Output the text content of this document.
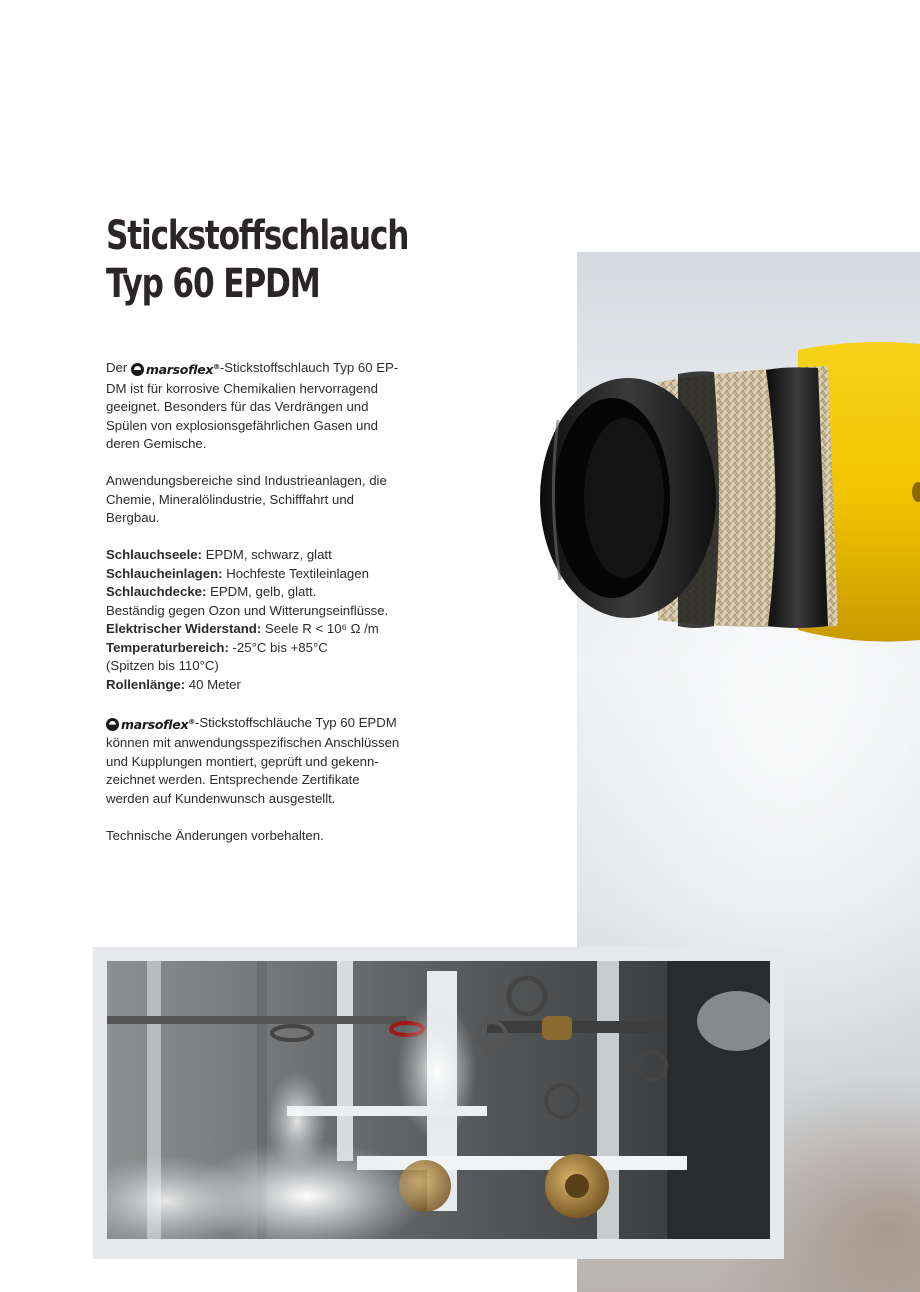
Stickstoffschlauch
Typ 60 EPDM

Der marsoflex®-Stickstoffschlauch Typ 60 EP- DM ist für korrosive Chemikalien hervorragend geeignet. Besonders für das Verdrängen und Spülen von explosionsgefährlichen Gasen und deren Gemische.

Anwendungsbereiche sind Industrieanlagen, die Chemie, Mineralölindustrie, Schifffahrt und Bergbau.

Schlauchseele: EPDM, schwarz, glatt
Schlaucheinlagen: Hochfeste Textileinlagen
Schlauchdecke: EPDM, gelb, glatt.
Beständig gegen Ozon und Witterungseinflüsse.
Elektrischer Widerstand: Seele R < 10⁶ Ω /m
Temperaturbereich: -25°C bis +85°C
(Spitzen bis 110°C)
Rollenlänge: 40 Meter

marsoflex®-Stickstoffschläuche Typ 60 EPDM können mit anwendungsspezifischen Anschlüssen und Kupplungen montiert, geprüft und gekenn- zeichnet werden. Entsprechende Zertifikate werden auf Kundenwunsch ausgestellt.

Technische Änderungen vorbehalten.
